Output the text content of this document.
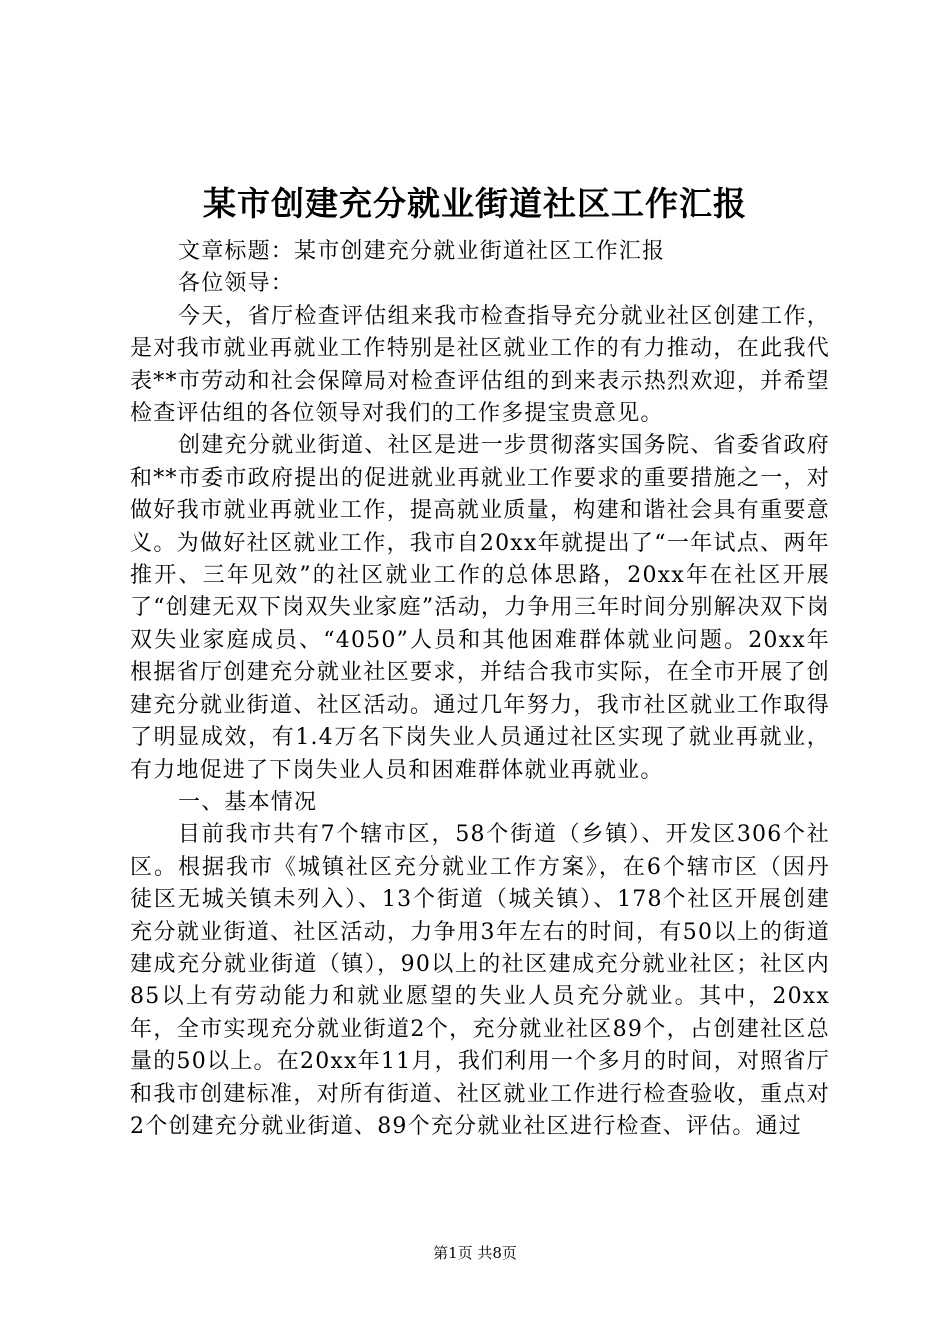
某市创建充分就业街道社区工作汇报

文章标题：某市创建充分就业街道社区工作汇报

各位领导：

今天，省厅检查评估组来我市检查指导充分就业社区创建工作，是对我市就业再就业工作特别是社区就业工作的有力推动，在此我代表**市劳动和社会保障局对检查评估组的到来表示热烈欢迎，并希望检查评估组的各位领导对我们的工作多提宝贵意见。

创建充分就业街道、社区是进一步贯彻落实国务院、省委省政府和**市委市政府提出的促进就业再就业工作要求的重要措施之一，对做好我市就业再就业工作，提高就业质量，构建和谐社会具有重要意义。为做好社区就业工作，我市自20xx年就提出了“一年试点、两年推开、三年见效”的社区就业工作的总体思路，20xx年在社区开展了“创建无双下岗双失业家庭”活动，力争用三年时间分别解决双下岗双失业家庭成员、“4050”人员和其他困难群体就业问题。20xx年根据省厅创建充分就业社区要求，并结合我市实际，在全市开展了创建充分就业街道、社区活动。通过几年努力，我市社区就业工作取得了明显成效，有1.4万名下岗失业人员通过社区实现了就业再就业，有力地促进了下岗失业人员和困难群体就业再就业。

一、基本情况

目前我市共有7个辖市区，58个街道（乡镇）、开发区306个社区。根据我市《城镇社区充分就业工作方案》，在6个辖市区（因丹徒区无城关镇未列入）、13个街道（城关镇）、178个社区开展创建充分就业街道、社区活动，力争用3年左右的时间，有50以上的街道建成充分就业街道（镇），90以上的社区建成充分就业社区；社区内85以上有劳动能力和就业愿望的失业人员充分就业。其中，20xx年，全市实现充分就业街道2个，充分就业社区89个，占创建社区总量的50以上。在20xx年11月，我们利用一个多月的时间，对照省厅和我市创建标准，对所有街道、社区就业工作进行检查验收，重点对2个创建充分就业街道、89个充分就业社区进行检查、评估。通过

第1页 共8页
